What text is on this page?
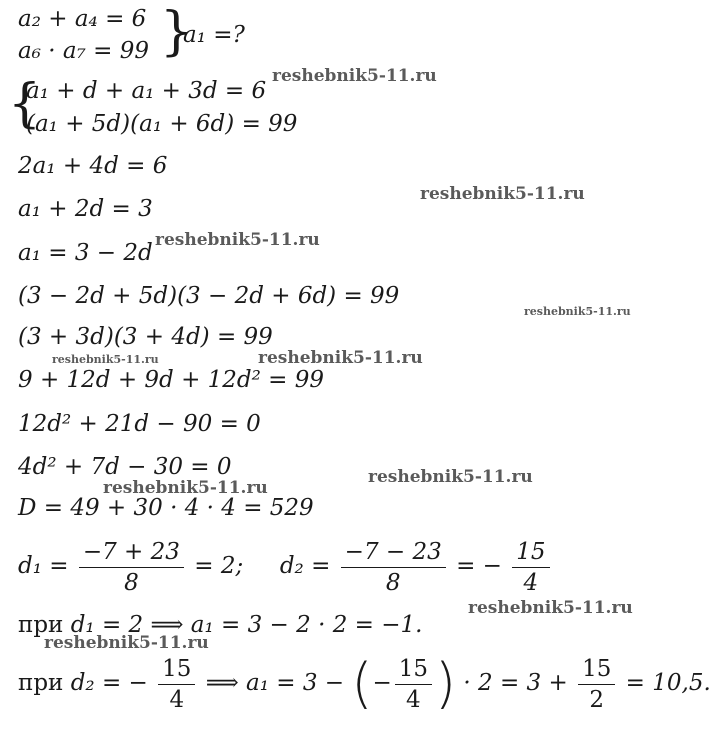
a₂ + a₄ = 6
a₆ · a₇ = 99 }
a₁ =?
{
a₁ + d + a₁ + 3d = 6
(a₁ + 5d)(a₁ + 6d) = 99
2a₁ + 4d = 6
a₁ + 2d = 3
a₁ = 3 − 2d
(3 − 2d + 5d)(3 − 2d + 6d) = 99
(3 + 3d)(3 + 4d) = 99
9 + 12d + 9d + 12d² = 99
12d² + 21d − 90 = 0
4d² + 7d − 30 = 0
D = 49 + 30 · 4 · 4 = 529
$d_1 = \frac{-7 + 23}{8} = 2$; $d_2 = \frac{-7 - 23}{8}$ = − $\frac{15}{4}$
при d₁ = 2 ⟹ a₁ = 3 − 2 · 2 = −1.
при d₂ = − $\frac{15}{4}$ ⟹ a₁ = 3 − (− $\frac{15}{4}$ ) · $2 = 3 + \frac{15}{2} = 10,5$.
reshebnik5-11.ru
reshebnik5-11.ru
reshebnik5-11.ru
reshebnik5-11.ru
reshebnik5-11.ru	reshebnik5-11.ru
reshebnik5-11.ru
reshebnik5-11.ru
reshebnik5-11.ru
reshebnik5-11.ru
